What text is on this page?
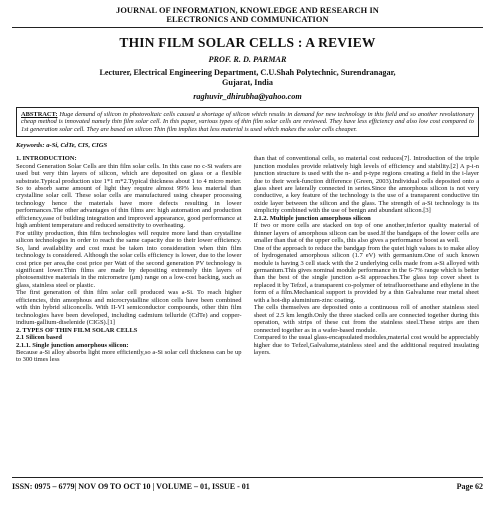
JOURNAL OF INFORMATION, KNOWLEDGE AND RESEARCH IN
ELECTRONICS AND COMMUNICATION
THIN FILM SOLAR CELLS : A REVIEW
PROF. R. D. PARMAR
Lecturer, Electrical Engineering Department, C.U.Shah Polytechnic, Surendranagar,
Gujarat, India
raghuvir_dhirubha@yahoo.com
ABSTRACT: Huge demand of silicon in photovoltaic cells caused a shortage of silicon which results in demand for new technology in this field and so another revolutionary cheap method is innovated namely thin film solar cell. In this paper, various types of thin film solar cells are reviewed. They have less efficiency and also low cost compared to 1st generation solar cell. They are based on silicon Thin film implies that less material is used which makes the solar cells cheaper.
Keywords: a-Si, CdTe, CIS, CIGS

1. INTRODUCTION:

Second Generation Solar Cells are thin film solar cells. In this case no c-Si wafers are used but very thin layers of silicon, which are deposited on glass or a flexible substrate.Typical production size 1*1 m*2.Typical thickness about 1 to 4 micro meter. So to absorb same amount of light they require almost 99% less material than crystalline solar cell. These solar cells are manufactured using cheaper processing technology hence the materials have more defects resulting in lower performances.The other advantages of thin films are: high automation and production efficiency,ease of building integration and improved appearance, good performance at high ambient temperature and reduced sensitivity to overheating.

For utility production, thin film technologies will require more land than crystalline silicon technologies in order to reach the same capacity due to their lower efficiency. So, land availability and cost must be taken into consideration when thin film technology is considered. Although the solar cells efficiency is lower, due to the lower cost price per area,the cost price per Watt of the second generation PV technology is significant lower.Thin films are made by depositing extremely thin layers of photosensitive materials in the micrometre (μm) range on a low-cost backing, such as glass, stainless steel or plastic.

The first generation of thin film solar cell produced was a-Si. To reach higher efficiencies, thin amorphous and microcrystalline silicon cells have been combined with thin hybrid siliconcells. With II-VI semiconductor compounds, other thin film technologies have been developed, including cadmium telluride (CdTe) and copper-indium-gallium-diselenide (CIGS).[1]

2. TYPES OF THIN FILM SOLAR CELLS

2.1 Silicon based

2.1.1. Single junction amorphous silicon:

Because a-Si alloy absorbs light more efficiently,so a-Si solar cell thickness can be up to 300 times less

than that of conventional cells, so material cost reduces[7]. Introduction of the triple junction modules provide relatively high levels of efficiency and stability.[2] A p-i-n junction structure is used with the n- and p-type regions creating a field in the i-layer due to their work-function difference (Green, 2003).Individual cells deposited onto a glass sheet are laterally connected in series.Since the amorphous silicon is not very conductive, a key feature of the technology is the use of a transparent conductive tin oxide layer between the silicon and the glass. The strength of a-Si technology is its simplicity combined with the use of benign and abundant silicon.[3]

2.1.2. Multiple junction amorphous silicon

If two or more cells are stacked on top of one another,inferior quality material of thinner layers of amorphous silicon can be used.If the bandgaps of the lower cells are smaller than that of the upper cells, this also gives a performance boost as well.

One of the approach to reduce the bandgap from the quiet high values is to make alloy of hydrogenated amorphous silicon (1.7 eV) with germanium.One of such known module is having 3 cell stack with the 2 underlying cells made from a-Si alloyed with germanium.This gives nominal module performance in the 6-7% range which is better than the best of the single junction a-Si approaches.The glass top cover sheet is replaced it by Tefzel, a transparent co-polymer of tetrafluoroethane and ethylene in the form of a film.Mechanical support is provided by a thin Galvalume rear metal sheet with a hot-dip aluminium-zinc coating.

The cells themselves are deposited onto a continuous roll of another stainless steel sheet of 2.5 km length.Only the three stacked cells are connected together during this operation, with strips of these cut from the stainless steel.These strips are then connected together as in a wafer-based module.

Compared to the usual glass-encapsulated modules,material cost would be appreciably higher due to Tefzel,Galvalume,stainless steel and the additional required insulating layers.

ISSN: 0975 – 6779| NOV O9 TO OCT 10 | VOLUME – 01, ISSUE - 01	Page 62
